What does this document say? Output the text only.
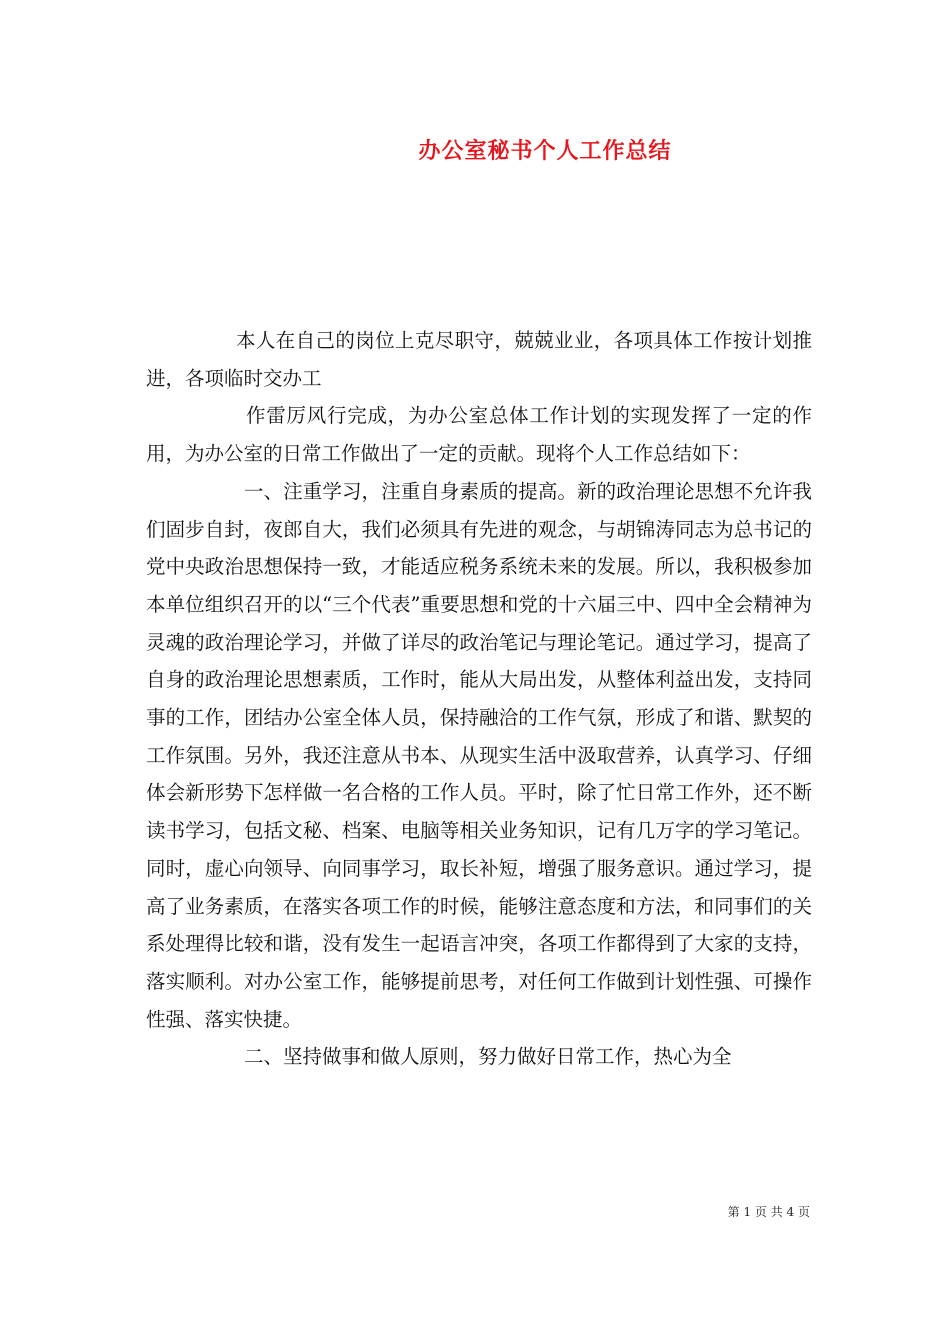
办公室秘书个人工作总结

本人在自己的岗位上克尽职守，兢兢业业，各项具体工作按计划推进，各项临时交办工

作雷厉风行完成，为办公室总体工作计划的实现发挥了一定的作用，为办公室的日常工作做出了一定的贡献。现将个人工作总结如下：

一、注重学习，注重自身素质的提高。新的政治理论思想不允许我们固步自封，夜郎自大，我们必须具有先进的观念，与胡锦涛同志为总书记的党中央政治思想保持一致，才能适应税务系统未来的发展。所以，我积极参加本单位组织召开的以“三个代表”重要思想和党的十六届三中、四中全会精神为灵魂的政治理论学习，并做了详尽的政治笔记与理论笔记。通过学习，提高了自身的政治理论思想素质，工作时，能从大局出发，从整体利益出发，支持同事的工作，团结办公室全体人员，保持融洽的工作气氛，形成了和谐、默契的工作氛围。另外，我还注意从书本、从现实生活中汲取营养，认真学习、仔细体会新形势下怎样做一名合格的工作人员。平时，除了忙日常工作外，还不断读书学习，包括文秘、档案、电脑等相关业务知识，记有几万字的学习笔记。同时，虚心向领导、向同事学习，取长补短，增强了服务意识。通过学习，提高了业务素质，在落实各项工作的时候，能够注意态度和方法，和同事们的关系处理得比较和谐，没有发生一起语言冲突，各项工作都得到了大家的支持，落实顺利。对办公室工作，能够提前思考，对任何工作做到计划性强、可操作性强、落实快捷。

二、坚持做事和做人原则，努力做好日常工作，热心为全

第 1 页 共 4 页
